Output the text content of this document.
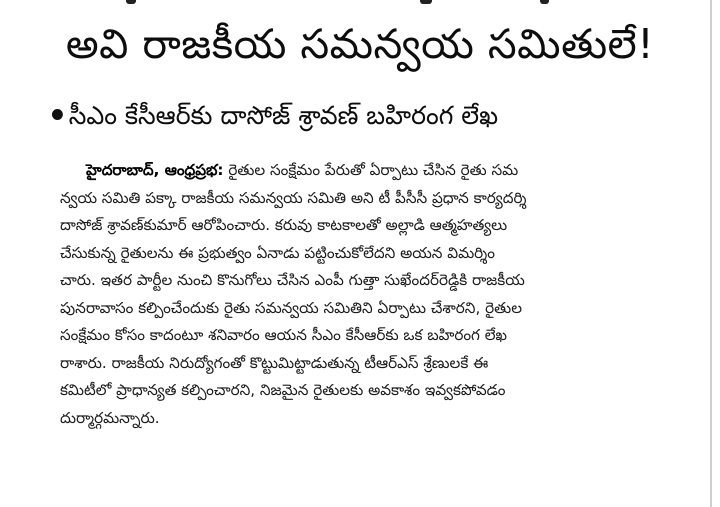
అవి రాజకీయ సమన్వయ సమితులే!
సీఎం కేసీఆర్‌కు దాసోజ్ శ్రావణ్ బహిరంగ లేఖ
హైదరాబాద్, ఆంధ్రప్రభ: రైతుల సంక్షేమం పేరుతో ఏర్పాటు చేసిన రైతు సమ
న్వయ సమితి పక్కా రాజకీయ సమన్వయ సమితి అని టీ పీసీసీ ప్రధాన కార్యదర్శి
దాసోజ్ శ్రావణ్‌కుమార్ ఆరోపించారు. కరువు కాటకాలతో అల్లాడి ఆత్మహత్యలు
చేసుకున్న రైతులను ఈ ప్రభుత్వం ఏనాడు పట్టించుకోలేదని అయన విమర్శిం
చారు. ఇతర పార్టీల నుంచి కొనుగోలు చేసిన ఎంపీ గుత్తా సుఖేందర్‌రెడ్డికి రాజకీయ
పునరావాసం కల్పించేందుకు రైతు సమన్వయ సమితిని ఏర్పాటు చేశారని, రైతుల
సంక్షేమం కోసం కాదంటూ శనివారం ఆయన సీఎం కేసీఆర్‌కు ఒక బహిరంగ లేఖ
రాశారు. రాజకీయ నిరుద్యోగంతో కొట్టుమిట్టాడుతున్న టీఆర్ఎస్ శ్రేణులకే ఈ
కమిటీలో ప్రాధాన్యత కల్పించారని, నిజమైన రైతులకు అవకాశం ఇవ్వకపోవడం
దుర్మార్గమన్నారు.
